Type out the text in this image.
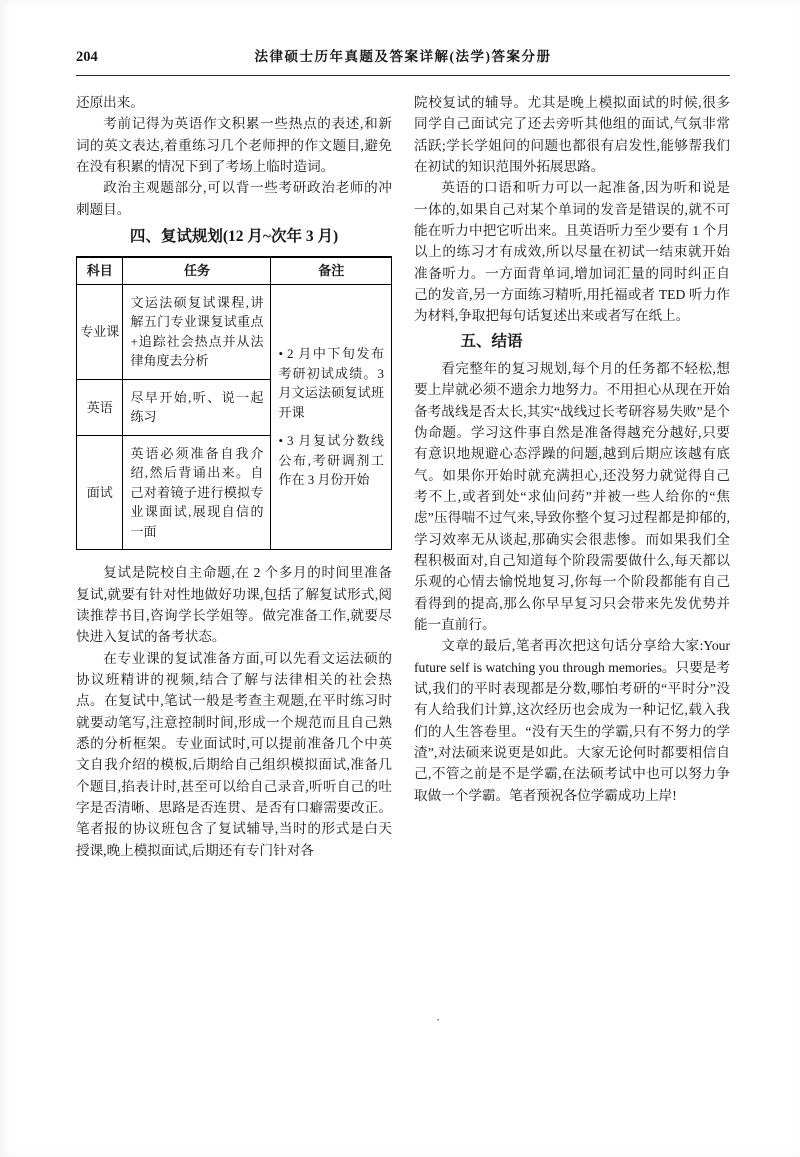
204	法律硕士历年真题及答案详解(法学)答案分册

还原出来。

考前记得为英语作文积累一些热点的表述,和新词的英文表达,着重练习几个老师押的作文题目,避免在没有积累的情况下到了考场上临时造词。

政治主观题部分,可以背一些考研政治老师的冲刺题目。

四、复试规划(12 月~次年 3 月)
科目	任务	备注
专业课	文运法硕复试课程,讲解五门专业课复试重点+追踪社会热点并从法律角度去分析	• 2 月中下旬发布考研初试成绩。3 月文运法硕复试班开课
• 3 月复试分数线公布,考研调剂工作在 3 月份开始

英语	尽早开始,听、说一起练习	
面试	英语必须准备自我介绍,然后背诵出来。自己对着镜子进行模拟专业课面试,展现自信的一面	

复试是院校自主命题,在 2 个多月的时间里准备复试,就要有针对性地做好功课,包括了解复试形式,阅读推荐书目,咨询学长学姐等。做完准备工作,就要尽快进入复试的备考状态。

在专业课的复试准备方面,可以先看文运法硕的协议班精讲的视频,结合了解与法律相关的社会热点。在复试中,笔试一般是考查主观题,在平时练习时就要动笔写,注意控制时间,形成一个规范而且自己熟悉的分析框架。专业面试时,可以提前准备几个中英文自我介绍的模板,后期给自己组织模拟面试,准备几个题目,掐表计时,甚至可以给自己录音,听听自己的吐字是否清晰、思路是否连贯、是否有口癖需要改正。笔者报的协议班包含了复试辅导,当时的形式是白天授课,晚上模拟面试,后期还有专门针对各

院校复试的辅导。尤其是晚上模拟面试的时候,很多同学自己面试完了还去旁听其他组的面试,气氛非常活跃;学长学姐问的问题也都很有启发性,能够帮我们在初试的知识范围外拓展思路。

英语的口语和听力可以一起准备,因为听和说是一体的,如果自己对某个单词的发音是错误的,就不可能在听力中把它听出来。且英语听力至少要有 1 个月以上的练习才有成效,所以尽量在初试一结束就开始准备听力。一方面背单词,增加词汇量的同时纠正自己的发音,另一方面练习精听,用托福或者 TED 听力作为材料,争取把每句话复述出来或者写在纸上。

五、结语

看完整年的复习规划,每个月的任务都不轻松,想要上岸就必须不遗余力地努力。不用担心从现在开始备考战线是否太长,其实“战线过长考研容易失败”是个伪命题。学习这件事自然是准备得越充分越好,只要有意识地规避心态浮躁的问题,越到后期应该越有底气。如果你开始时就充满担心,还没努力就觉得自己考不上,或者到处“求仙问药”并被一些人给你的“焦虑”压得喘不过气来,导致你整个复习过程都是抑郁的,学习效率无从谈起,那确实会很悲惨。而如果我们全程积极面对,自己知道每个阶段需要做什么,每天都以乐观的心情去愉悦地复习,你每一个阶段都能有自己看得到的提高,那么你早早复习只会带来先发优势并能一直前行。

文章的最后,笔者再次把这句话分享给大家:Your future self is watching you through memories。只要是考试,我们的平时表现都是分数,哪怕考研的“平时分”没有人给我们计算,这次经历也会成为一种记忆,载入我们的人生答卷里。“没有天生的学霸,只有不努力的学渣”,对法硕来说更是如此。大家无论何时都要相信自己,不管之前是不是学霸,在法硕考试中也可以努力争取做一个学霸。笔者预祝各位学霸成功上岸!

·
